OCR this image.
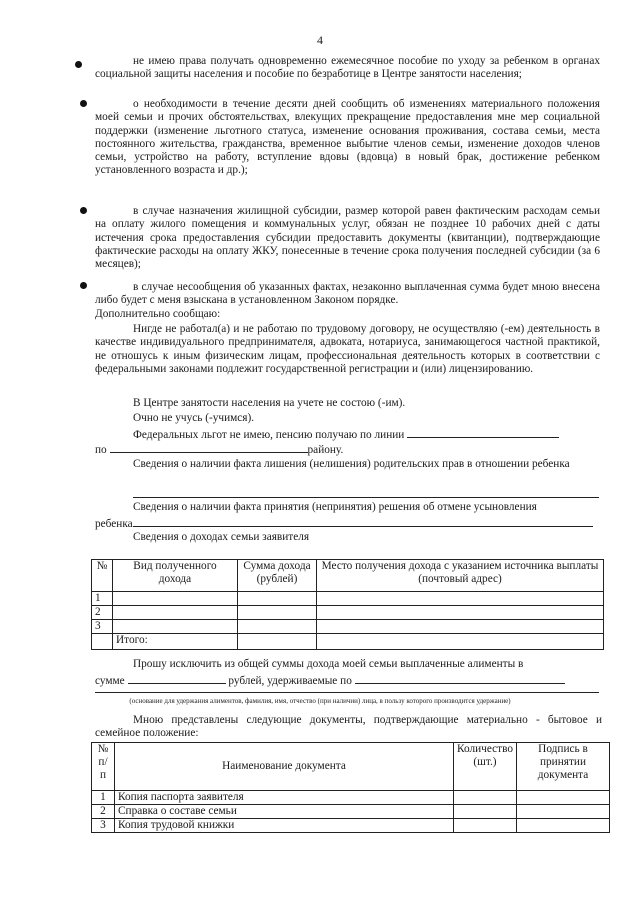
4

не имею права получать одновременно ежемесячное пособие по уходу за ребенком в органах социальной защиты населения и пособие по безработице в Центре занятости населения;

о необходимости в течение десяти дней сообщить об изменениях материального положения моей семьи и прочих обстоятельствах, влекущих прекращение предоставления мне мер социальной поддержки (изменение льготного статуса, изменение основания проживания, состава семьи, места постоянного жительства, гражданства, временное выбытие членов семьи, изменение доходов членов семьи, устройство на работу, вступление вдовы (вдовца) в новый брак, достижение ребенком установленного возраста и др.);

в случае назначения жилищной субсидии, размер которой равен фактическим расходам семьи на оплату жилого помещения и коммунальных услуг, обязан не позднее 10 рабочих дней с даты истечения срока предоставления субсидии предоставить документы (квитанции), подтверждающие фактические расходы на оплату ЖКУ, понесенные в течение срока получения последней субсидии (за 6 месяцев);

в случае несообщения об указанных фактах, незаконно выплаченная сумма будет мною внесена либо будет с меня взыскана в установленном Законом порядке.

Дополнительно сообщаю:

Нигде не работал(а) и не работаю по трудовому договору, не осуществляю (-ем) деятельность в качестве индивидуального предпринимателя, адвоката, нотариуса, занимающегося частной практикой, не отношусь к иным физическим лицам, профессиональная деятельность которых в соответствии с федеральными законами подлежит государственной регистрации и (или) лицензированию.

В Центре занятости населения на учете не состою (-им).
Очно не учусь (-учимся).
Федеральных льгот не имею, пенсию получаю по линии
по	району.

Сведения о наличии факта лишения (нелишения) родительских прав в отношении ребенка

Сведения о наличии факта принятия (непринятия) решения об отмене усыновления
ребенка
Сведения о доходах семьи заявителя
№	Вид полученного дохода	Сумма дохода (рублей)	Место получения дохода с указанием источника выплаты (почтовый адрес)
1			
2			
3			
	Итого:		
Прошу исключить из общей суммы дохода моей семьи выплаченные алименты в
сумме	рублей, удерживаемые по
(основание для удержания алиментов, фамилия, имя, отчество (при наличии) лица, в пользу которого производится удержание)

Мною представлены следующие документы, подтверждающие материально - бытовое и семейное положение:

№ п/ п	Наименование документа	Количество (шт.)	Подпись в принятии документа
1	Копия паспорта заявителя		
2	Справка о составе семьи		
3	Копия трудовой книжки		
